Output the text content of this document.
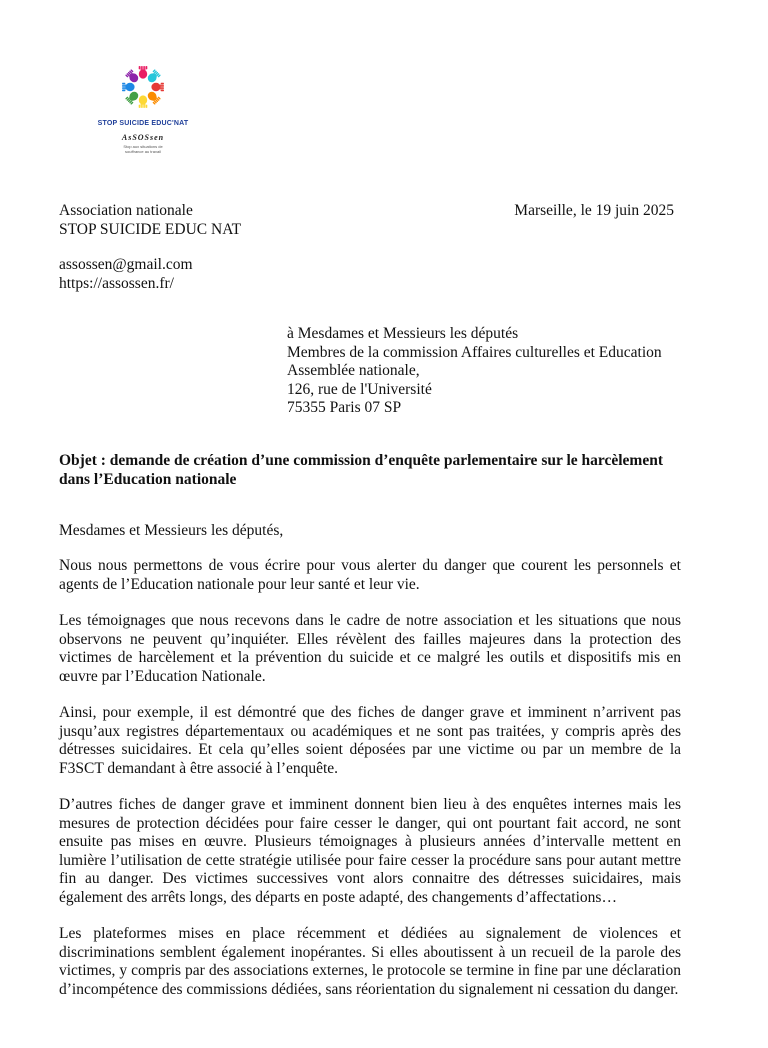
STOP SUICIDE EDUC'NAT
AsSOSsen
Stop aux situations de souffrance au travail
Association nationale
STOP SUICIDE EDUC NAT
Marseille, le 19 juin 2025
assossen@gmail.com
https://assossen.fr/
à Mesdames et Messieurs les députés
Membres de la commission Affaires culturelles et Education
Assemblée nationale,
126, rue de l'Université
75355 Paris 07 SP
Objet : demande de création d’une commission d’enquête parlementaire sur le harcèlement dans l’Education nationale
Mesdames et Messieurs les députés,

Nous nous permettons de vous écrire pour vous alerter du danger que courent les personnels et agents de l’Education nationale pour leur santé et leur vie.

Les témoignages que nous recevons dans le cadre de notre association et les situations que nous observons ne peuvent qu’inquiéter. Elles révèlent des failles majeures dans la protection des victimes de harcèlement et la prévention du suicide et ce malgré les outils et dispositifs mis en œuvre par l’Education Nationale.

Ainsi, pour exemple, il est démontré que des fiches de danger grave et imminent n’arrivent pas jusqu’aux registres départementaux ou académiques et ne sont pas traitées, y compris après des détresses suicidaires. Et cela qu’elles soient déposées par une victime ou par un membre de la F3SCT demandant à être associé à l’enquête.

D’autres fiches de danger grave et imminent donnent bien lieu à des enquêtes internes mais les mesures de protection décidées pour faire cesser le danger, qui ont pourtant fait accord, ne sont ensuite pas mises en œuvre. Plusieurs témoignages à plusieurs années d’intervalle mettent en lumière l’utilisation de cette stratégie utilisée pour faire cesser la procédure sans pour autant mettre fin au danger. Des victimes successives vont alors connaitre des détresses suicidaires, mais également des arrêts longs, des départs en poste adapté, des changements d’affectations…

Les plateformes mises en place récemment et dédiées au signalement de violences et discriminations semblent également inopérantes. Si elles aboutissent à un recueil de la parole des victimes, y compris par des associations externes, le protocole se termine in fine par une déclaration d’incompétence des commissions dédiées, sans réorientation du signalement ni cessation du danger.
